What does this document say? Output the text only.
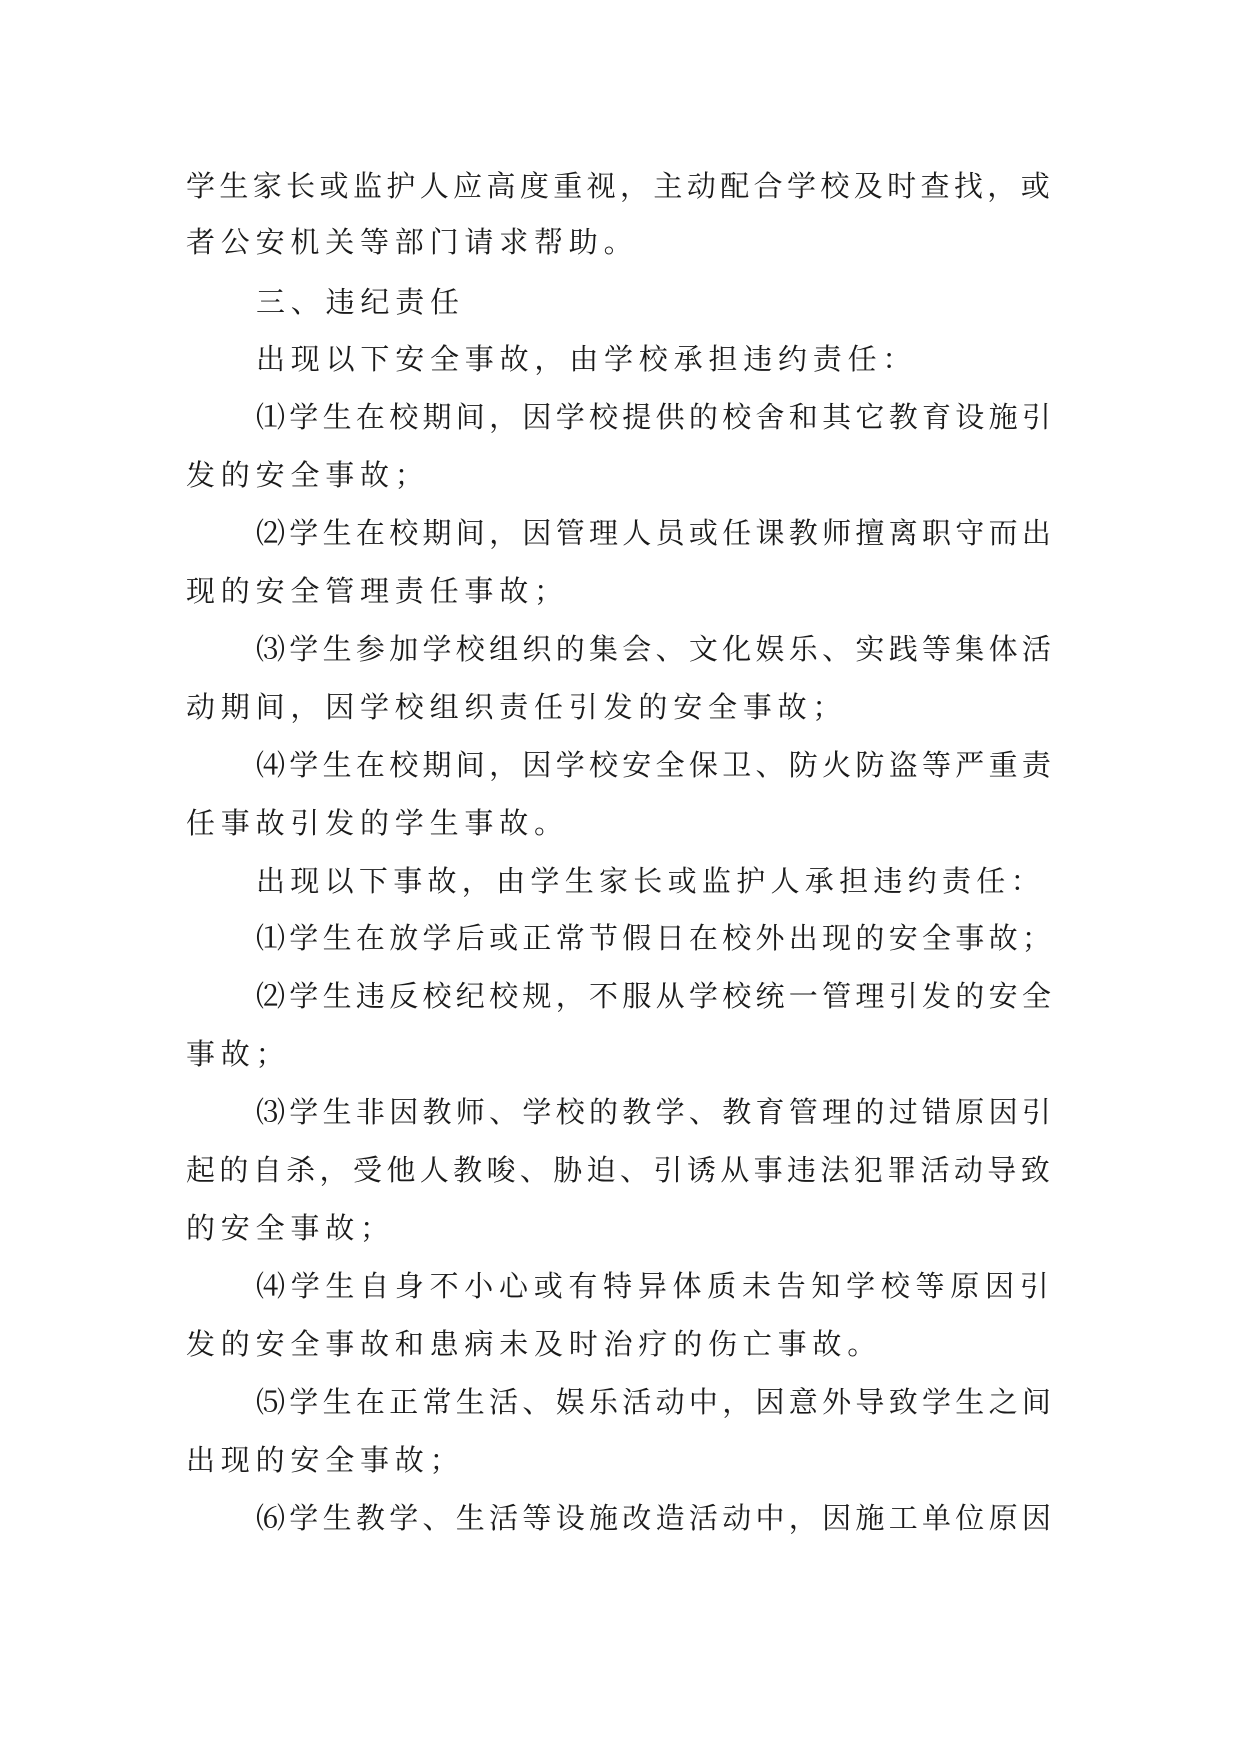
学生家长或监护人应高度重视，主动配合学校及时查找，或
者公安机关等部门请求帮助。
三、违纪责任
出现以下安全事故，由学校承担违约责任：
⑴学生在校期间，因学校提供的校舍和其它教育设施引
发的安全事故；
⑵学生在校期间，因管理人员或任课教师擅离职守而出
现的安全管理责任事故；
⑶学生参加学校组织的集会、文化娱乐、实践等集体活
动期间，因学校组织责任引发的安全事故；
⑷学生在校期间，因学校安全保卫、防火防盗等严重责
任事故引发的学生事故。
出现以下事故，由学生家长或监护人承担违约责任：
⑴学生在放学后或正常节假日在校外出现的安全事故；
⑵学生违反校纪校规，不服从学校统一管理引发的安全
事故；
⑶学生非因教师、学校的教学、教育管理的过错原因引
起的自杀，受他人教唆、胁迫、引诱从事违法犯罪活动导致
的安全事故；
⑷学生自身不小心或有特异体质未告知学校等原因引
发的安全事故和患病未及时治疗的伤亡事故。
⑸学生在正常生活、娱乐活动中，因意外导致学生之间
出现的安全事故；
⑹学生教学、生活等设施改造活动中，因施工单位原因
